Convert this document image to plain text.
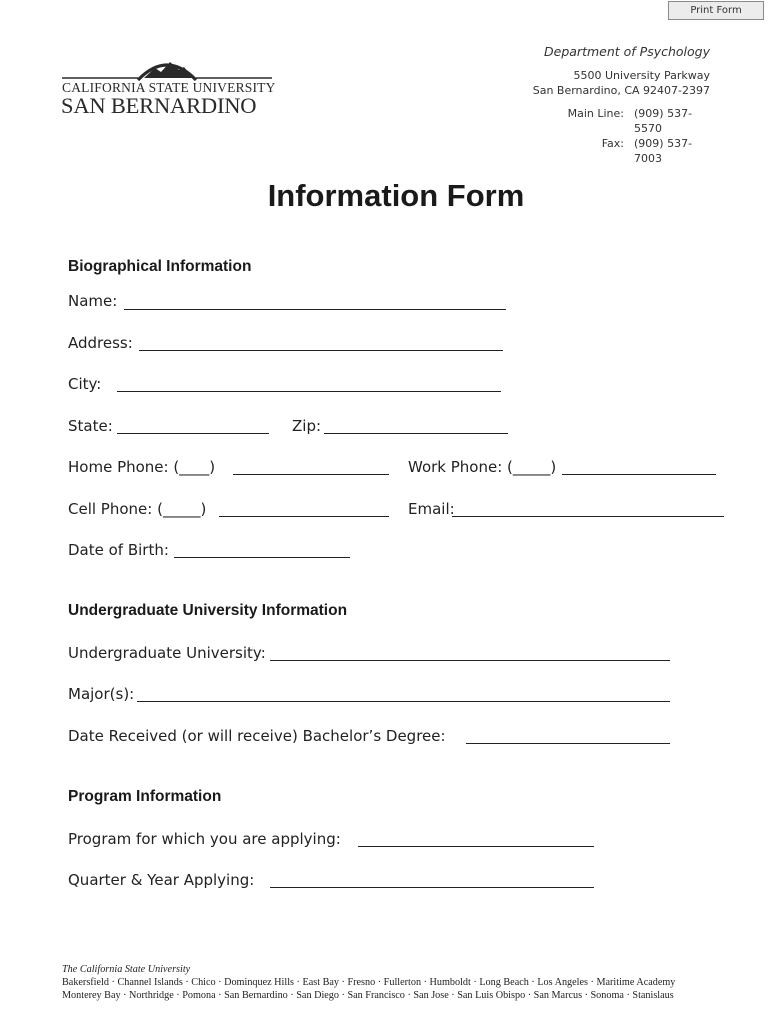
Print Form
CALIFORNIA STATE UNIVERSITY
SAN BERNARDINO
Department of Psychology
5500 University Parkway
San Bernardino, CA 92407-2397
Main Line: (909) 537-5570
Fax: (909) 537-7003
Information Form
Biographical Information
Name:
Address:
City:
State:	Zip:
Home Phone: (____)	Work Phone: (_____)
Cell Phone: (_____)	Email:
Date of Birth:
Undergraduate University Information
Undergraduate University:
Major(s):
Date Received (or will receive) Bachelor’s Degree:
Program Information
Program for which you are applying:
Quarter & Year Applying:
The California State University
Bakersfield · Channel Islands · Chico · Dominquez Hills · East Bay · Fresno · Fullerton · Humboldt · Long Beach · Los Angeles · Maritime Academy
Monterey Bay · Northridge · Pomona · San Bernardino · San Diego · San Francisco · San Jose · San Luis Obispo · San Marcus · Sonoma · Stanislaus
